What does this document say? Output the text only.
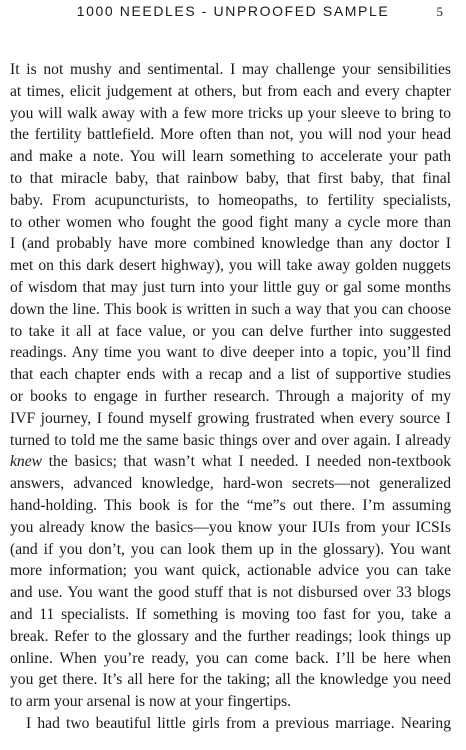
1000 NEEDLES - UNPROOFED SAMPLE	5

It is not mushy and sentimental. I may challenge your sensibilities
at times, elicit judgement at others, but from each and every chapter
you will walk away with a few more tricks up your sleeve to bring to
the fertility battlefield. More often than not, you will nod your head
and make a note. You will learn something to accelerate your path
to that miracle baby, that rainbow baby, that first baby, that final
baby. From acupuncturists, to homeopaths, to fertility specialists,
to other women who fought the good fight many a cycle more than
I (and probably have more combined knowledge than any doctor I
met on this dark desert highway), you will take away golden nuggets
of wisdom that may just turn into your little guy or gal some months
down the line. This book is written in such a way that you can choose
to take it all at face value, or you can delve further into suggested
readings. Any time you want to dive deeper into a topic, you’ll find
that each chapter ends with a recap and a list of supportive studies
or books to engage in further research. Through a majority of my
IVF journey, I found myself growing frustrated when every source I
turned to told me the same basic things over and over again. I already
knew the basics; that wasn’t what I needed. I needed non-textbook
answers, advanced knowledge, hard-won secrets—not generalized
hand-holding. This book is for the “me”s out there. I’m assuming
you already know the basics—you know your IUIs from your ICSIs
(and if you don’t, you can look them up in the glossary). You want
more information; you want quick, actionable advice you can take
and use. You want the good stuff that is not disbursed over 33 blogs
and 11 specialists. If something is moving too fast for you, take a
break. Refer to the glossary and the further readings; look things up
online. When you’re ready, you can come back. I’ll be here when
you get there. It’s all here for the taking; all the knowledge you need
to arm your arsenal is now at your fingertips.

I had two beautiful little girls from a previous marriage. Nearing
